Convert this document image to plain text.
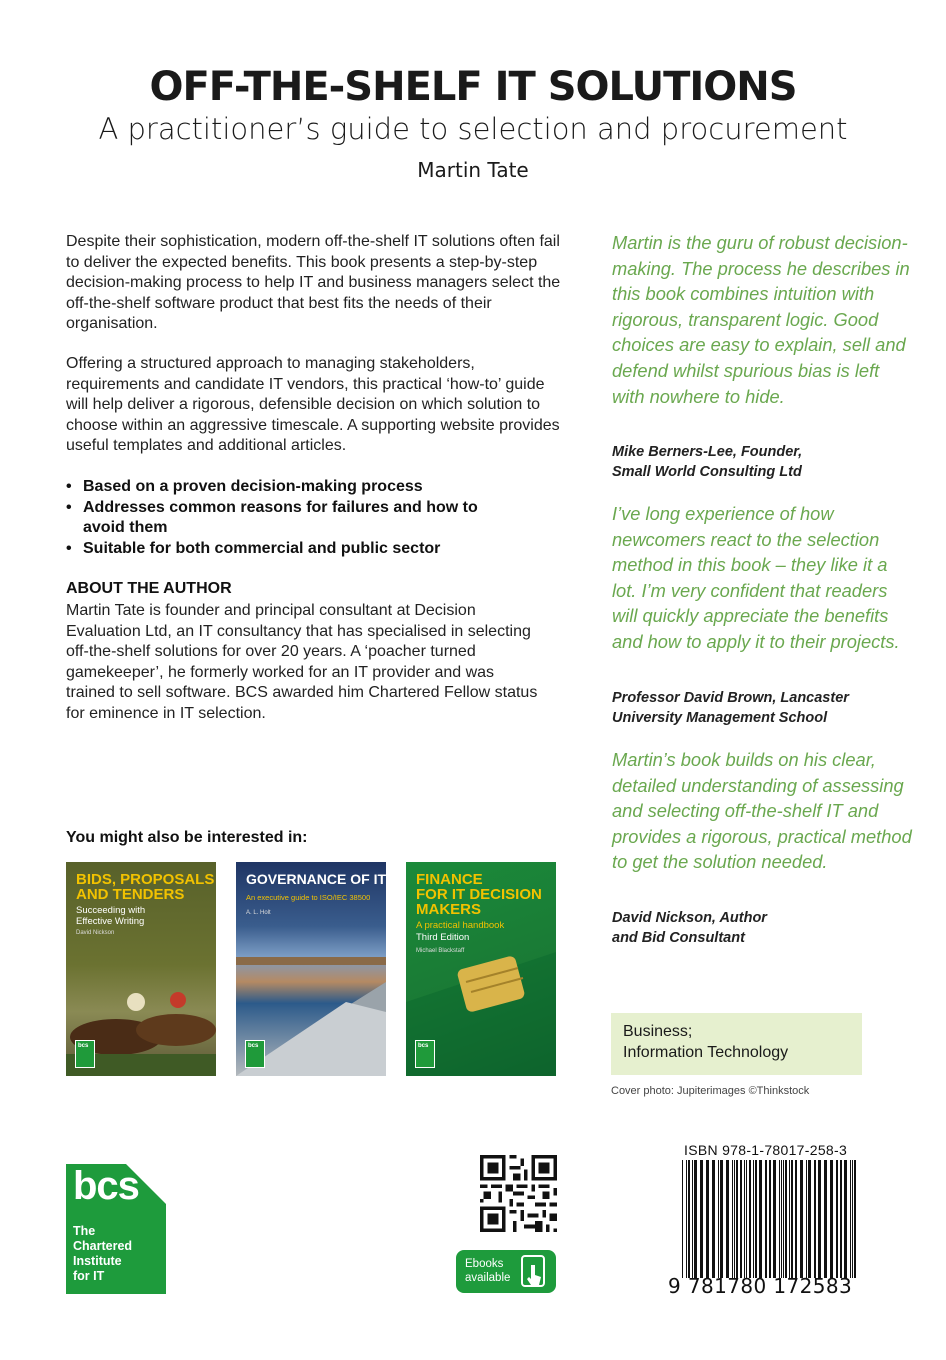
OFF-THE-SHELF IT SOLUTIONS
A practitioner’s guide to selection and procurement
Martin Tate
Despite their sophistication, modern off-the-shelf IT solutions often fail to deliver the expected benefits. This book presents a step-by-step decision-making process to help IT and business managers select the off-the-shelf software product that best fits the needs of their organisation.
Offering a structured approach to managing stakeholders, requirements and candidate IT vendors, this practical ‘how-to’ guide will help deliver a rigorous, defensible decision on which solution to choose within an aggressive timescale. A supporting website provides useful templates and additional articles.
• Based on a proven decision-making process
• Addresses common reasons for failures and how to avoid them
• Suitable for both commercial and public sector
ABOUT THE AUTHOR
Martin Tate is founder and principal consultant at Decision Evaluation Ltd, an IT consultancy that has specialised in selecting off-the-shelf solutions for over 20 years. A ‘poacher turned gamekeeper’, he formerly worked for an IT provider and was trained to sell software. BCS awarded him Chartered Fellow status for eminence in IT selection.
You might also be interested in:
BIDS, PROPOSALS
AND TENDERS
Succeeding with
Effective Writing
David Nickson
bcs
GOVERNANCE OF IT
An executive guide to ISO/IEC 38500
A. L. Holt
bcs
FINANCE
FOR IT DECISION
MAKERS
A practical handbook
Third Edition
Michael Blackstaff
bcs
Martin is the guru of robust decision-making. The process he describes in this book combines intuition with rigorous, transparent logic. Good choices are easy to explain, sell and defend whilst spurious bias is left with nowhere to hide.
Mike Berners-Lee, Founder,
Small World Consulting Ltd
I’ve long experience of how newcomers react to the selection method in this book – they like it a lot. I’m very confident that readers will quickly appreciate the benefits and how to apply it to their projects.
Professor David Brown, Lancaster
University Management School
Martin’s book builds on his clear, detailed understanding of assessing and selecting off-the-shelf IT and provides a rigorous, practical method to get the solution needed.
David Nickson, Author
and Bid Consultant
Business;
Information Technology
Cover photo: Jupiterimages ©Thinkstock
bcs
The
Chartered
Institute
for IT
Ebooks
available
ISBN 978-1-78017-258-3
9 781780 172583
